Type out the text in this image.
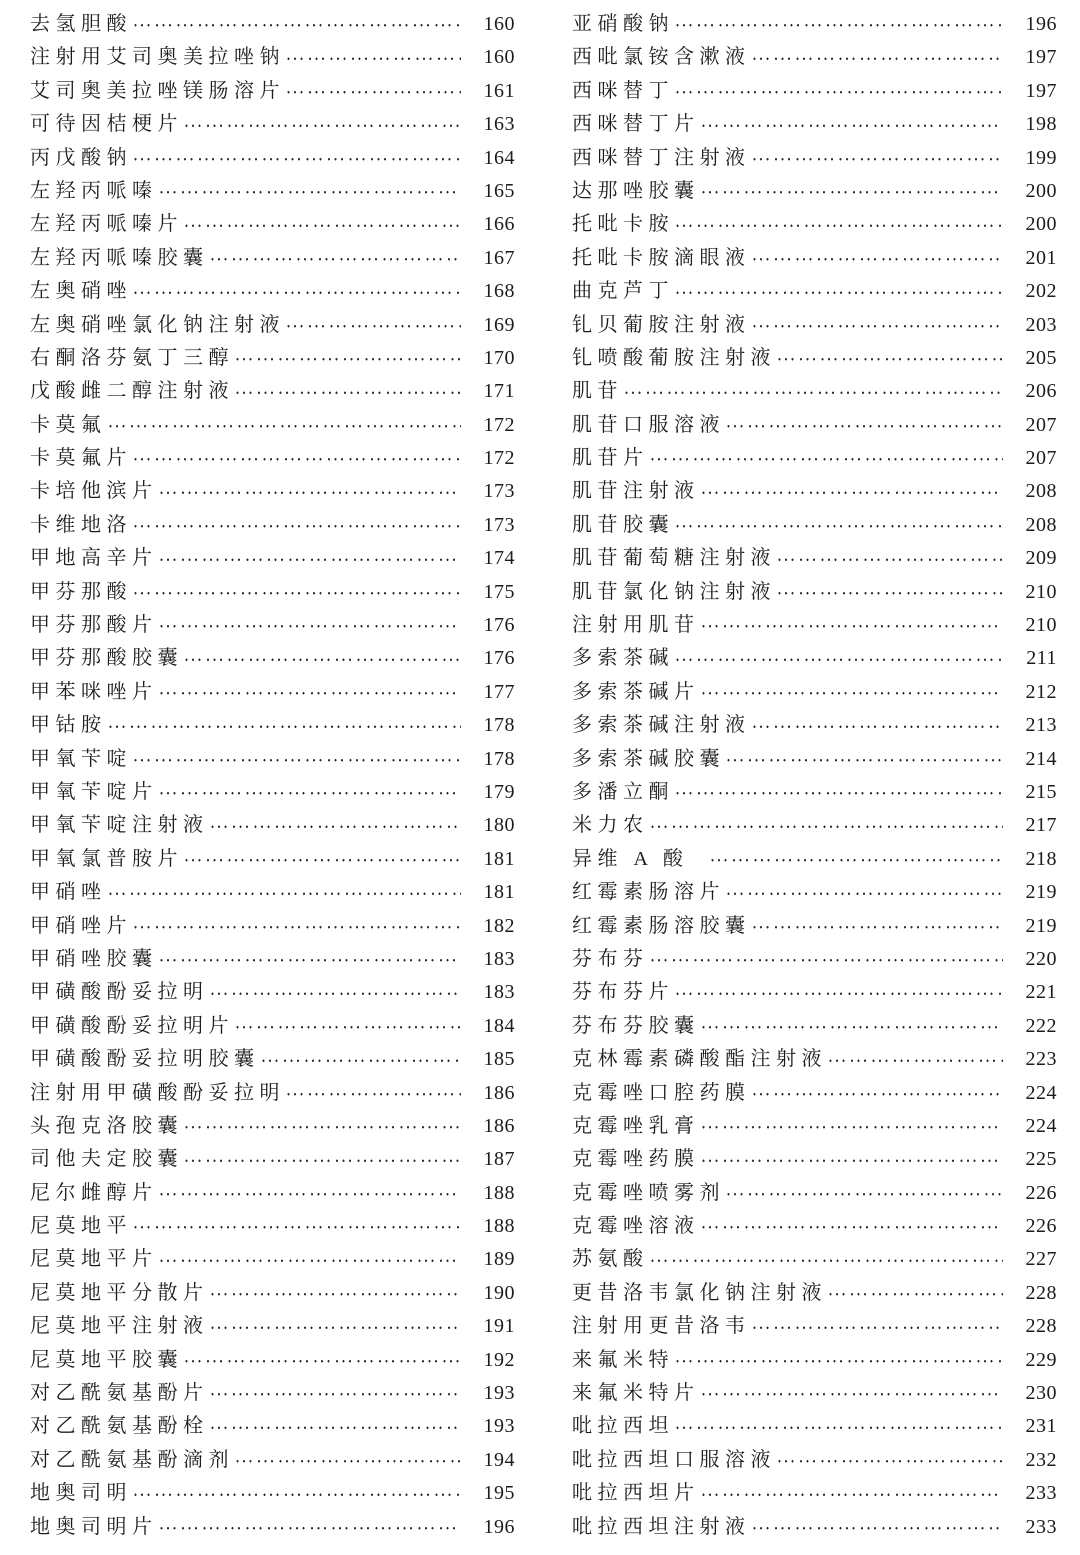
去氢胆酸	160
注射用艾司奥美拉唑钠	160
艾司奥美拉唑镁肠溶片	161
可待因桔梗片	163
丙戊酸钠	164
左羟丙哌嗪	165
左羟丙哌嗪片	166
左羟丙哌嗪胶囊	167
左奥硝唑	168
左奥硝唑氯化钠注射液	169
右酮洛芬氨丁三醇	170
戊酸雌二醇注射液	171
卡莫氟	172
卡莫氟片	172
卡培他滨片	173
卡维地洛	173
甲地高辛片	174
甲芬那酸	175
甲芬那酸片	176
甲芬那酸胶囊	176
甲苯咪唑片	177
甲钴胺	178
甲氧苄啶	178
甲氧苄啶片	179
甲氧苄啶注射液	180
甲氧氯普胺片	181
甲硝唑	181
甲硝唑片	182
甲硝唑胶囊	183
甲磺酸酚妥拉明	183
甲磺酸酚妥拉明片	184
甲磺酸酚妥拉明胶囊	185
注射用甲磺酸酚妥拉明	186
头孢克洛胶囊	186
司他夫定胶囊	187
尼尔雌醇片	188
尼莫地平	188
尼莫地平片	189
尼莫地平分散片	190
尼莫地平注射液	191
尼莫地平胶囊	192
对乙酰氨基酚片	193
对乙酰氨基酚栓	193
对乙酰氨基酚滴剂	194
地奥司明	195
地奥司明片	196
亚硝酸钠	196
西吡氯铵含漱液	197
西咪替丁	197
西咪替丁片	198
西咪替丁注射液	199
达那唑胶囊	200
托吡卡胺	200
托吡卡胺滴眼液	201
曲克芦丁	202
钆贝葡胺注射液	203
钆喷酸葡胺注射液	205
肌苷	206
肌苷口服溶液	207
肌苷片	207
肌苷注射液	208
肌苷胶囊	208
肌苷葡萄糖注射液	209
肌苷氯化钠注射液	210
注射用肌苷	210
多索茶碱	211
多索茶碱片	212
多索茶碱注射液	213
多索茶碱胶囊	214
多潘立酮	215
米力农	217
异维 A 酸	218
红霉素肠溶片	219
红霉素肠溶胶囊	219
芬布芬	220
芬布芬片	221
芬布芬胶囊	222
克林霉素磷酸酯注射液	223
克霉唑口腔药膜	224
克霉唑乳膏	224
克霉唑药膜	225
克霉唑喷雾剂	226
克霉唑溶液	226
苏氨酸	227
更昔洛韦氯化钠注射液	228
注射用更昔洛韦	228
来氟米特	229
来氟米特片	230
吡拉西坦	231
吡拉西坦口服溶液	232
吡拉西坦片	233
吡拉西坦注射液	233
